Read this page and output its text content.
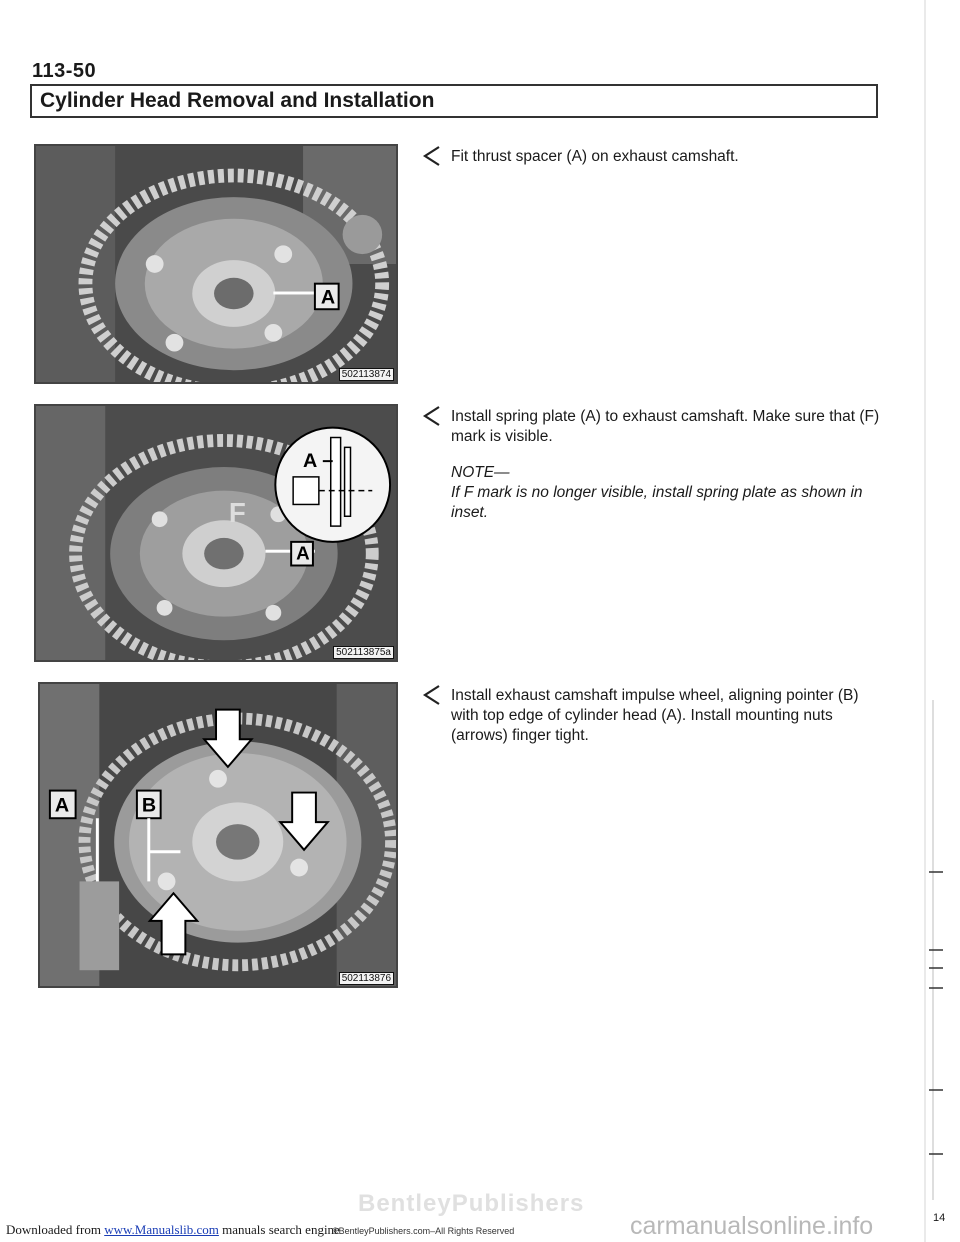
113-50
Cylinder Head Removal and Installation
A
502113874

Fit thrust spacer (A) on exhaust camshaft.

F
A
A
502113875a

Install spring plate (A) to exhaust camshaft. Make sure that (F) mark is visible.

NOTE—

If F mark is no longer visible, install spring plate as shown in inset.

A	B
502113876

Install exhaust camshaft impulse wheel, aligning pointer (B) with top edge of cylinder head (A). Install mounting nuts (arrows) finger tight.

Downloaded from www.Manualslib.com manuals search engine
BentleyPublishers
©BentleyPublishers.com–All Rights Reserved	carmanualsonline.info	14
